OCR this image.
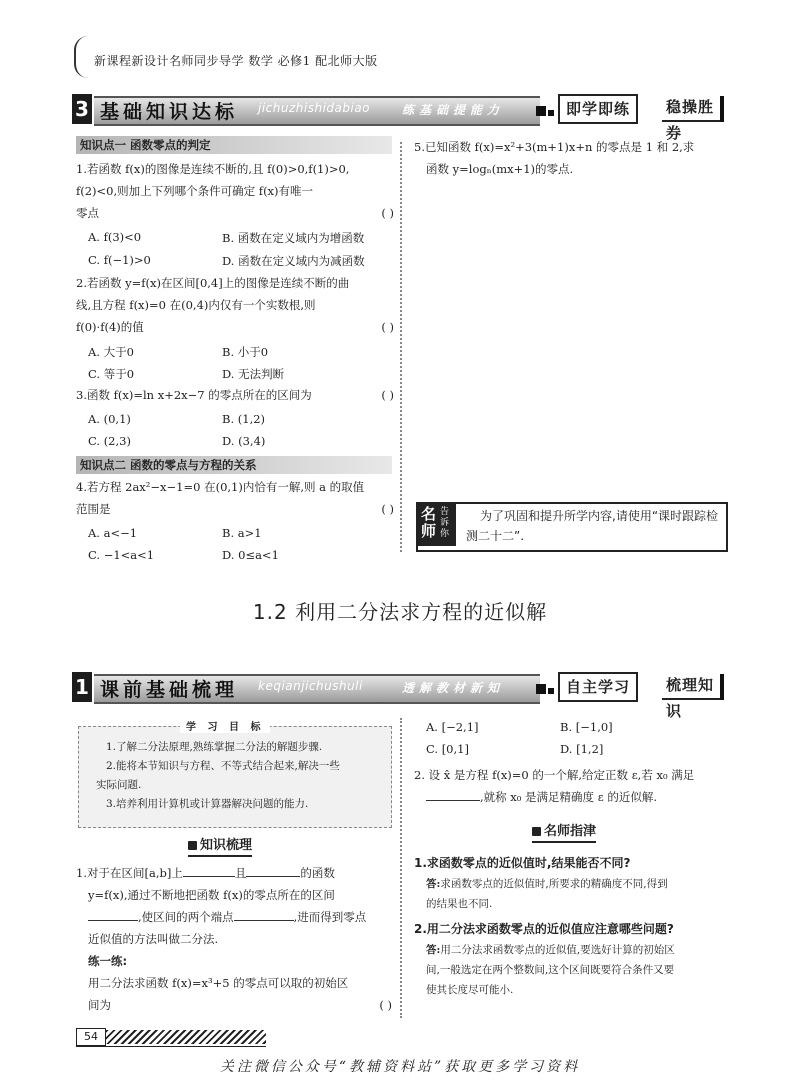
新课程新设计名师同步导学 数学 必修1 配北师大版
3 基础知识达标 jichuzhishidabiao	练基础提能力	即学即练	稳操胜券
知识点一 函数零点的判定
1.若函数 f(x)的图像是连续不断的,且 f(0)>0,f(1)>0,
f(2)<0,则加上下列哪个条件可确定 f(x)有唯一
零点	( )
A. f(3)<0	B. 函数在定义域内为增函数
C. f(−1)>0	D. 函数在定义域内为减函数
2.若函数 y=f(x)在区间[0,4]上的图像是连续不断的曲
线,且方程 f(x)=0 在(0,4)内仅有一个实数根,则
f(0)·f(4)的值	( )
A. 大于0	B. 小于0
C. 等于0	D. 无法判断
3.函数 f(x)=ln x+2x−7 的零点所在的区间为	( )
A. (0,1)	B. (1,2)
C. (2,3)	D. (3,4)
知识点二 函数的零点与方程的关系
4.若方程 2ax²−x−1=0 在(0,1)内恰有一解,则 a 的取值
范围是	( )
A. a<−1	B. a>1
C. −1<a<1	D. 0≤a<1
5.已知函数 f(x)=x²+3(m+1)x+n 的零点是 1 和 2,求
函数 y=logₙ(mx+1)的零点.
名师
告诉你
为了巩固和提升所学内容,请使用“课时跟踪检测二十二”.
1.2 利用二分法求方程的近似解
1 课前基础梳理 keqianjichushuli	透解教材新知	自主学习	梳理知识
学 习 目 标
1.了解二分法原理,熟练掌握二分法的解题步骤.
2.能将本节知识与方程、不等式结合起来,解决一些
实际问题.
3.培养利用计算机或计算器解决问题的能力.
知识梳理
1.对于在区间[a,b]上	且	的函数
y=f(x),通过不断地把函数 f(x)的零点所在的区间
,使区间的两个端点	,进而得到零点
近似值的方法叫做二分法.
练一练:
用二分法求函数 f(x)=x³+5 的零点可以取的初始区
间为	( )
A. [−2,1]	B. [−1,0]
C. [0,1]	D. [1,2]
2. 设 x̂ 是方程 f(x)=0 的一个解,给定正数 ε,若 x₀ 满足
,就称 x₀ 是满足精确度 ε 的近似解.
名师指津
1.求函数零点的近似值时,结果能否不同?
答:求函数零点的近似值时,所要求的精确度不同,得到
的结果也不同.
2.用二分法求函数零点的近似值应注意哪些问题?
答:用二分法求函数零点的近似值,要选好计算的初始区
间,一般选定在两个整数间,这个区间既要符合条件又要
使其长度尽可能小.
54
关注微信公众号“教辅资料站”获取更多学习资料
